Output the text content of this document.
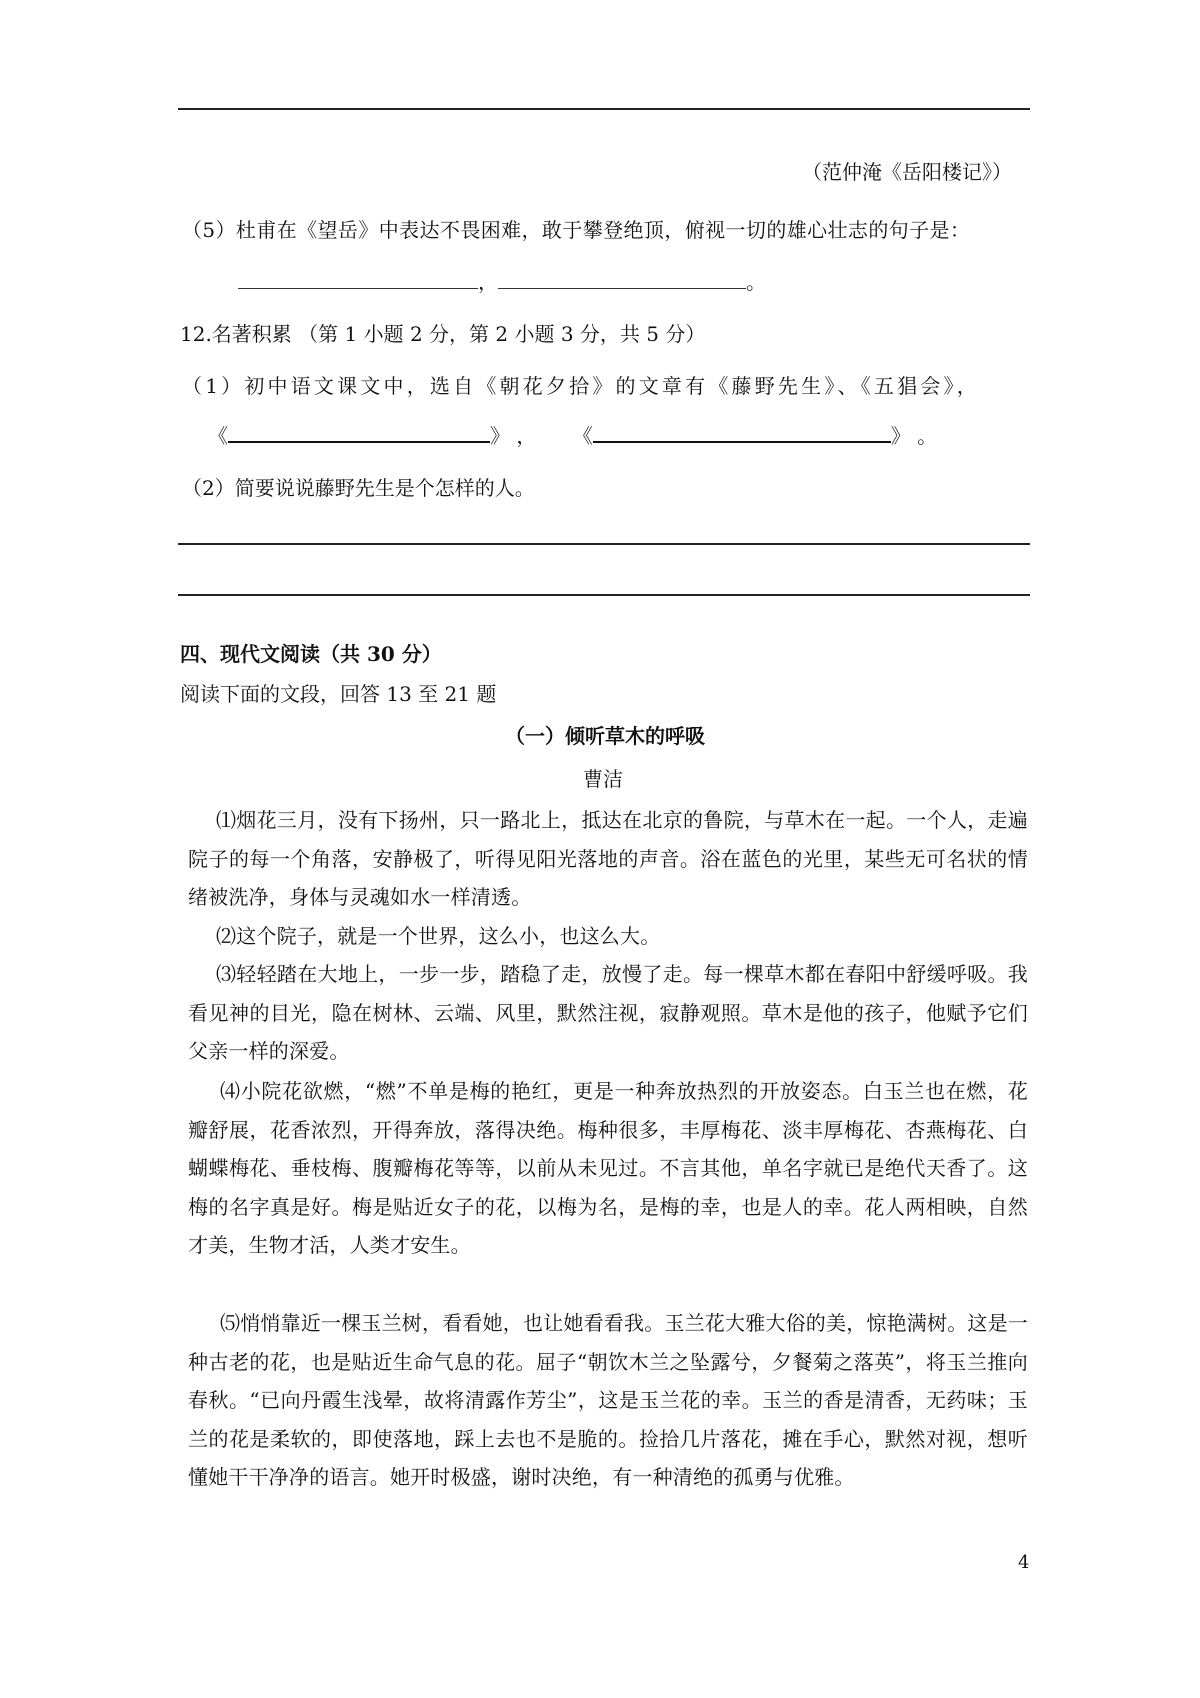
（范仲淹《岳阳楼记》）
（5）杜甫在《望岳》中表达不畏困难，敢于攀登绝顶，俯视一切的雄心壮志的句子是：
，	。
12.名著积累 （第 1 小题 2 分，第 2 小题 3 分，共 5 分）
（1）初中语文课文中，选自《朝花夕拾》的文章有《藤野先生》、《五猖会》，
《	》 ， 《	》 。
（2）简要说说藤野先生是个怎样的人。
四、现代文阅读（共 30 分）
阅读下面的文段，回答 13 至 21 题
（一）倾听草木的呼吸
曹洁
⑴烟花三月，没有下扬州，只一路北上，抵达在北京的鲁院，与草木在一起。一个人，走遍院子的每一个角落，安静极了，听得见阳光落地的声音。浴在蓝色的光里，某些无可名状的情绪被洗净，身体与灵魂如水一样清透。
⑵这个院子，就是一个世界，这么小，也这么大。
⑶轻轻踏在大地上，一步一步，踏稳了走，放慢了走。每一棵草木都在春阳中舒缓呼吸。我看见神的目光，隐在树林、云端、风里，默然注视，寂静观照。草木是他的孩子，他赋予它们父亲一样的深爱。
⑷小院花欲燃，“燃”不单是梅的艳红，更是一种奔放热烈的开放姿态。白玉兰也在燃，花瓣舒展，花香浓烈，开得奔放，落得决绝。梅种很多，丰厚梅花、淡丰厚梅花、杏燕梅花、白蝴蝶梅花、垂枝梅、腹瓣梅花等等，以前从未见过。不言其他，单名字就已是绝代天香了。这梅的名字真是好。梅是贴近女子的花，以梅为名，是梅的幸，也是人的幸。花人两相映，自然才美，生物才活，人类才安生。
⑸悄悄靠近一棵玉兰树，看看她，也让她看看我。玉兰花大雅大俗的美，惊艳满树。这是一种古老的花，也是贴近生命气息的花。屈子“朝饮木兰之坠露兮，夕餐菊之落英”，将玉兰推向春秋。“已向丹霞生浅晕，故将清露作芳尘”，这是玉兰花的幸。玉兰的香是清香，无药味；玉兰的花是柔软的，即使落地，踩上去也不是脆的。捡拾几片落花，摊在手心，默然对视，想听懂她干干净净的语言。她开时极盛，谢时决绝，有一种清绝的孤勇与优雅。
4
